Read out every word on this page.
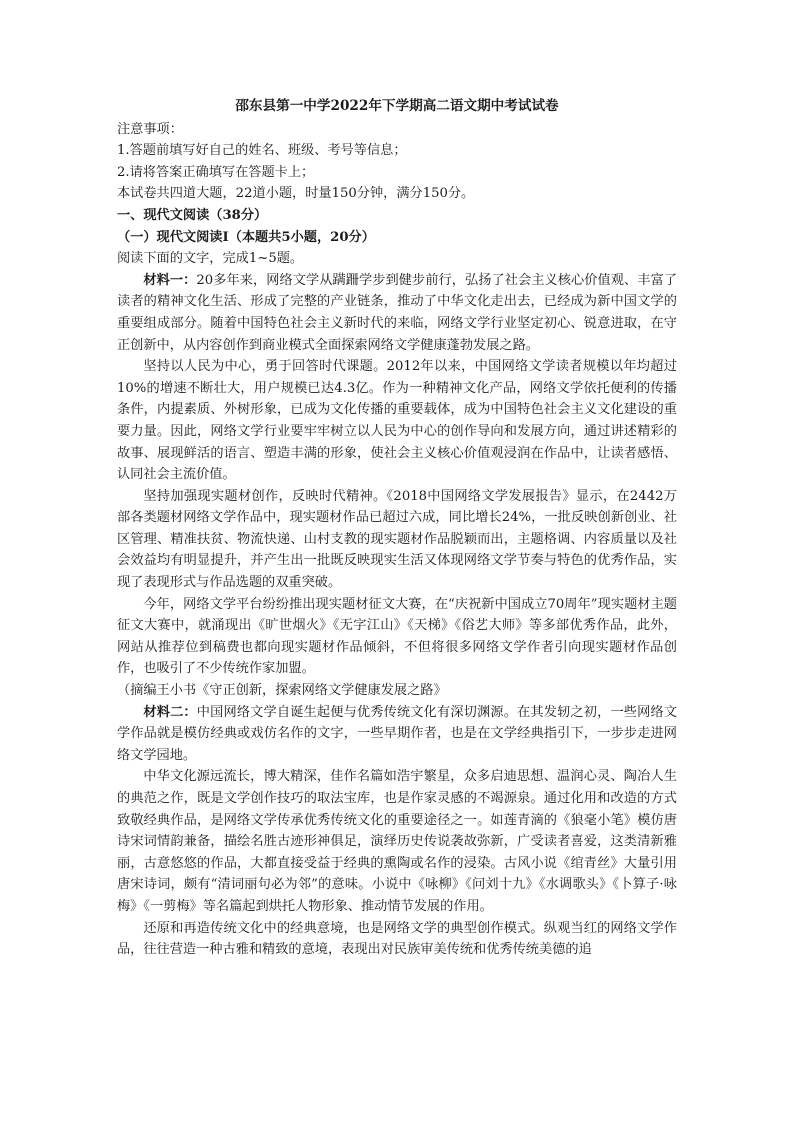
邵东县第一中学2022年下学期高二语文期中考试试卷

注意事项：

1.答题前填写好自己的姓名、班级、考号等信息；

2.请将答案正确填写在答题卡上；

本试卷共四道大题，22道小题，时量150分钟，满分150分。

一、现代文阅读（38分）

（一）现代文阅读Ⅰ（本题共5小题，20分）

阅读下面的文字，完成1~5题。

材料一：20多年来，网络文学从蹒跚学步到健步前行，弘扬了社会主义核心价值观、丰富了读者的精神文化生活、形成了完整的产业链条，推动了中华文化走出去，已经成为新中国文学的重要组成部分。随着中国特色社会主义新时代的来临，网络文学行业坚定初心、锐意进取，在守正创新中，从内容创作到商业模式全面探索网络文学健康蓬勃发展之路。

坚持以人民为中心，勇于回答时代课题。2012年以来，中国网络文学读者规模以年均超过10%的增速不断壮大，用户规模已达4.3亿。作为一种精神文化产品，网络文学依托便利的传播条件，内提素质、外树形象，已成为文化传播的重要载体，成为中国特色社会主义文化建设的重要力量。因此，网络文学行业要牢牢树立以人民为中心的创作导向和发展方向，通过讲述精彩的故事、展现鲜活的语言、塑造丰满的形象，使社会主义核心价值观浸润在作品中，让读者感悟、认同社会主流价值。

坚持加强现实题材创作，反映时代精神。《2018中国网络文学发展报告》显示，在2442万部各类题材网络文学作品中，现实题材作品已超过六成，同比增长24%，一批反映创新创业、社区管理、精准扶贫、物流快递、山村支教的现实题材作品脱颖而出，主题格调、内容质量以及社会效益均有明显提升，并产生出一批既反映现实生活又体现网络文学节奏与特色的优秀作品，实现了表现形式与作品选题的双重突破。

今年，网络文学平台纷纷推出现实题材征文大赛，在“庆祝新中国成立70周年”现实题材主题征文大赛中，就涌现出《旷世烟火》《无字江山》《天梯》《俗艺大师》等多部优秀作品，此外，网站从推荐位到稿费也都向现实题材作品倾斜，不但将很多网络文学作者引向现实题材作品创作，也吸引了不少传统作家加盟。

（摘编王小书《守正创新，探索网络文学健康发展之路》

材料二：中国网络文学自诞生起便与优秀传统文化有深切渊源。在其发轫之初，一些网络文学作品就是模仿经典或戏仿名作的文字，一些早期作者，也是在文学经典指引下，一步步走进网络文学园地。

中华文化源远流长，博大精深，佳作名篇如浩宇繁星，众多启迪思想、温润心灵、陶冶人生的典范之作，既是文学创作技巧的取法宝库，也是作家灵感的不竭源泉。通过化用和改造的方式致敬经典作品，是网络文学传承优秀传统文化的重要途径之一。如莲青滴的《狼毫小笔》模仿唐诗宋词情韵兼备，描绘名胜古迹形神俱足，演绎历史传说袭故弥新，广受读者喜爱，这类清新雅丽，古意悠悠的作品，大都直接受益于经典的熏陶或名作的浸染。古风小说《绾青丝》大量引用唐宋诗词，颇有“清词丽句必为邻”的意味。小说中《咏柳》《问刘十九》《水调歌头》《卜算子·咏梅》《一剪梅》等名篇起到烘托人物形象、推动情节发展的作用。

还原和再造传统文化中的经典意境，也是网络文学的典型创作模式。纵观当红的网络文学作品，往往营造一种古雅和精致的意境，表现出对民族审美传统和优秀传统美德的追
